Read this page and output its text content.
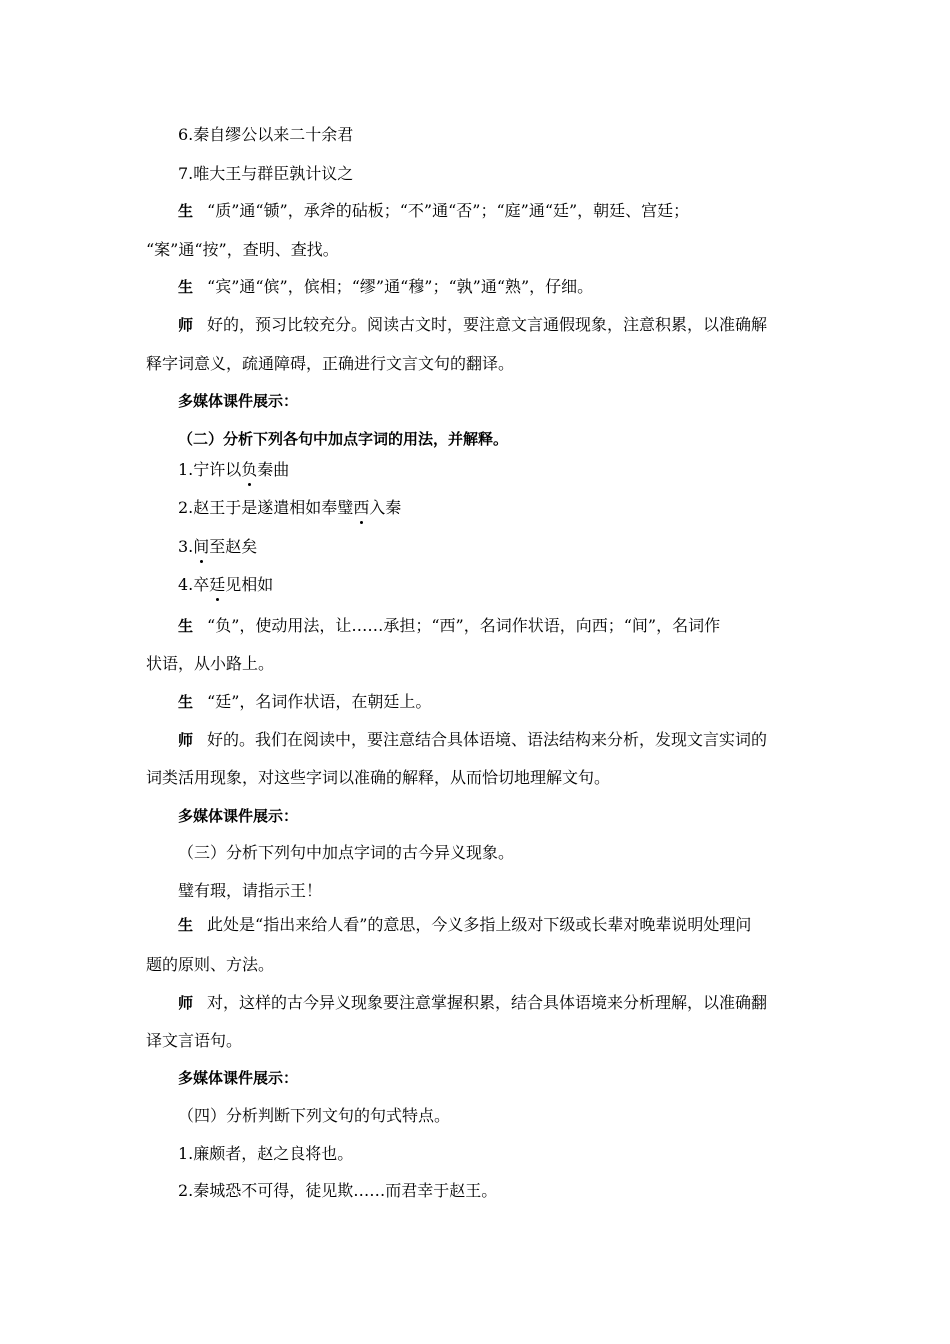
6.秦自缪公以来二十余君
7.唯大王与群臣孰计议之
生 “质”通“锧”，承斧的砧板；“不”通“否”；“庭”通“廷”，朝廷、宫廷；
“案”通“按”，查明、查找。
生 “宾”通“傧”，傧相；“缪”通“穆”；“孰”通“熟”，仔细。
师 好的，预习比较充分。阅读古文时，要注意文言通假现象，注意积累，以准确解
释字词意义，疏通障碍，正确进行文言文句的翻译。
多媒体课件展示：
（二）分析下列各句中加点字词的用法，并解释。
1.宁许以负秦曲
2.赵王于是遂遣相如奉璧西入秦
3.间至赵矣
4.卒廷见相如
生 “负”，使动用法，让……承担；“西”，名词作状语，向西；“间”，名词作
状语，从小路上。
生 “廷”，名词作状语，在朝廷上。
师 好的。我们在阅读中，要注意结合具体语境、语法结构来分析，发现文言实词的
词类活用现象，对这些字词以准确的解释，从而恰切地理解文句。
多媒体课件展示：
（三）分析下列句中加点字词的古今异义现象。
璧有瑕，请指示王！
生 此处是“指出来给人看”的意思，今义多指上级对下级或长辈对晚辈说明处理问
题的原则、方法。
师 对，这样的古今异义现象要注意掌握积累，结合具体语境来分析理解，以准确翻
译文言语句。
多媒体课件展示：
（四）分析判断下列文句的句式特点。
1.廉颇者，赵之良将也。
2.秦城恐不可得，徒见欺……而君幸于赵王。
